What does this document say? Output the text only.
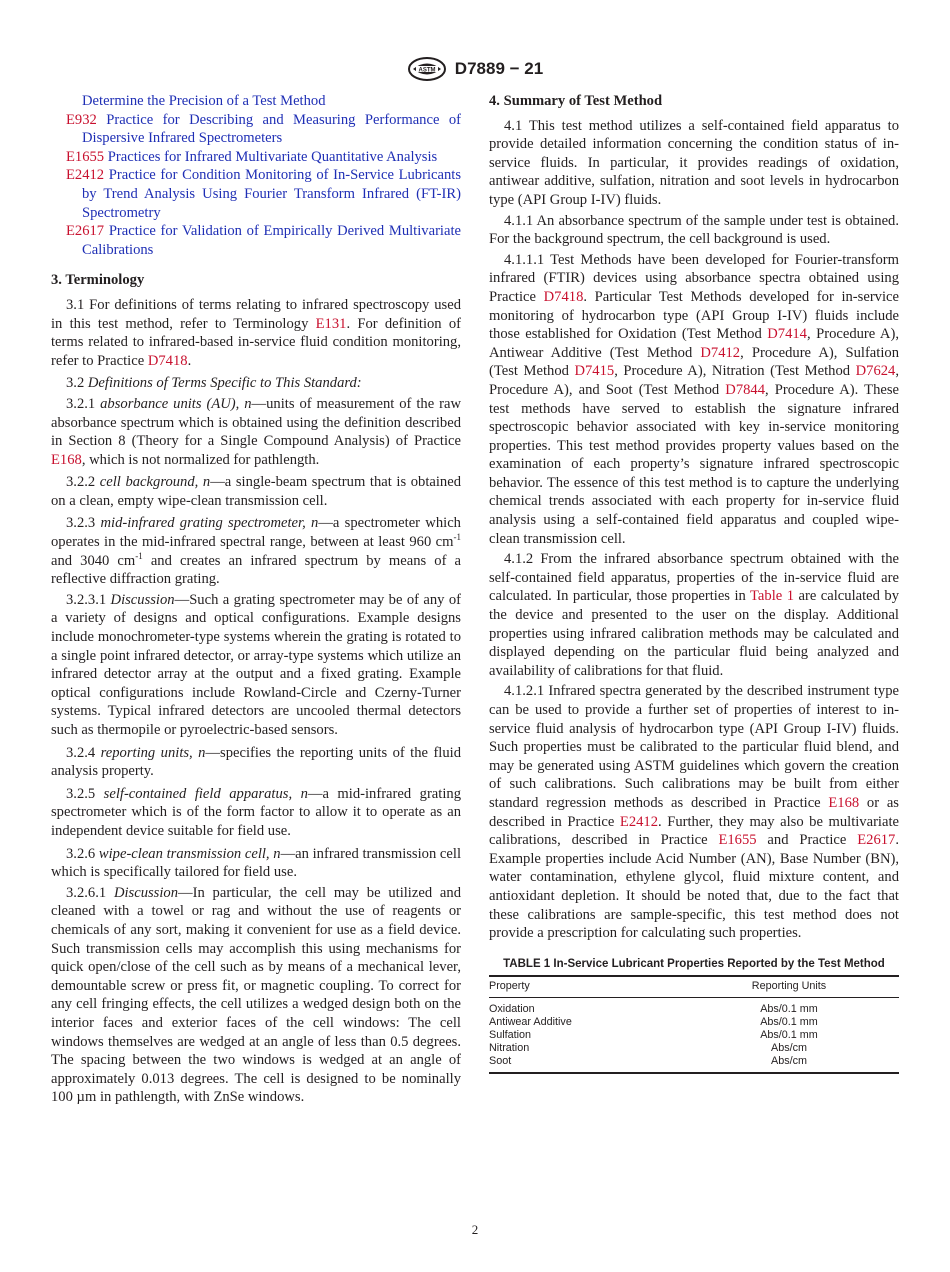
ASTM D7889 − 21

Determine the Precision of a Test Method

E932 Practice for Describing and Measuring Performance of Dispersive Infrared Spectrometers

E1655 Practices for Infrared Multivariate Quantitative Analysis

E2412 Practice for Condition Monitoring of In-Service Lubricants by Trend Analysis Using Fourier Transform Infrared (FT-IR) Spectrometry

E2617 Practice for Validation of Empirically Derived Multivariate Calibrations

3. Terminology

3.1 For definitions of terms relating to infrared spectroscopy used in this test method, refer to Terminology E131. For definition of terms related to infrared-based in-service fluid condition monitoring, refer to Practice D7418.

3.2 Definitions of Terms Specific to This Standard:

3.2.1 absorbance units (AU), n—units of measurement of the raw absorbance spectrum which is obtained using the definition described in Section 8 (Theory for a Single Compound Analysis) of Practice E168, which is not normalized for pathlength.

3.2.2 cell background, n—a single-beam spectrum that is obtained on a clean, empty wipe-clean transmission cell.

3.2.3 mid-infrared grating spectrometer, n—a spectrometer which operates in the mid-infrared spectral range, between at least 960 $cm^{-1}$ and 3040 $cm^{-1}$ and creates an infrared spectrum by means of a reflective diffraction grating.

3.2.3.1 Discussion—Such a grating spectrometer may be of any of a variety of designs and optical configurations. Example designs include monochrometer-type systems wherein the grating is rotated to a single point infrared detector, or array-type systems which utilize an infrared detector array at the output and a fixed grating. Example optical configurations include Rowland-Circle and Czerny-Turner systems. Typical infrared detectors are uncooled thermal detectors such as thermopile or pyroelectric-based sensors.

3.2.4 reporting units, n—specifies the reporting units of the fluid analysis property.

3.2.5 self-contained field apparatus, n—a mid-infrared grating spectrometer which is of the form factor to allow it to operate as an independent device suitable for field use.

3.2.6 wipe-clean transmission cell, n—an infrared transmission cell which is specifically tailored for field use.

3.2.6.1 Discussion—In particular, the cell may be utilized and cleaned with a towel or rag and without the use of reagents or chemicals of any sort, making it convenient for use as a field device. Such transmission cells may accomplish this using mechanisms for quick open/close of the cell such as by means of a mechanical lever, demountable screw or press fit, or magnetic coupling. To correct for any cell fringing effects, the cell utilizes a wedged design both on the interior faces and exterior faces of the cell windows: The cell windows themselves are wedged at an angle of less than 0.5 degrees. The spacing between the two windows is wedged at an angle of approximately 0.013 degrees. The cell is designed to be nominally 100 µm in pathlength, with ZnSe windows.

4. Summary of Test Method

4.1 This test method utilizes a self-contained field apparatus to provide detailed information concerning the condition status of in-service fluids. In particular, it provides readings of oxidation, antiwear additive, sulfation, nitration and soot levels in hydrocarbon type (API Group I-IV) fluids.

4.1.1 An absorbance spectrum of the sample under test is obtained. For the background spectrum, the cell background is used.

4.1.1.1 Test Methods have been developed for Fourier-transform infrared (FTIR) devices using absorbance spectra obtained using Practice D7418. Particular Test Methods developed for in-service monitoring of hydrocarbon type (API Group I-IV) fluids include those established for Oxidation (Test Method D7414, Procedure A), Antiwear Additive (Test Method D7412, Procedure A), Sulfation (Test Method D7415, Procedure A), Nitration (Test Method D7624, Procedure A), and Soot (Test Method D7844, Procedure A). These test methods have served to establish the signature infrared spectroscopic behavior associated with key in-service monitoring properties. This test method provides property values based on the examination of each property’s signature infrared spectroscopic behavior. The essence of this test method is to capture the underlying chemical trends associated with each property for in-service fluid analysis using a self-contained field apparatus and coupled wipe-clean transmission cell.

4.1.2 From the infrared absorbance spectrum obtained with the self-contained field apparatus, properties of the in-service fluid are calculated. In particular, those properties in Table 1 are calculated by the device and presented to the user on the display. Additional properties using infrared calibration methods may be calculated and displayed depending on the particular fluid being analyzed and availability of calibrations for that fluid.

4.1.2.1 Infrared spectra generated by the described instrument type can be used to provide a further set of properties of interest to in-service fluid analysis of hydrocarbon type (API Group I-IV) fluids. Such properties must be calibrated to the particular fluid blend, and may be generated using ASTM guidelines which govern the creation of such calibrations. Such calibrations may be built from either standard regression methods as described in Practice E168 or as described in Practice E2412. Further, they may also be multivariate calibrations, described in Practice E1655 and Practice E2617. Example properties include Acid Number (AN), Base Number (BN), water contamination, ethylene glycol, fluid mixture content, and antioxidant depletion. It should be noted that, due to the fact that these calibrations are sample-specific, this test method does not provide a prescription for calculating such properties.

TABLE 1 In-Service Lubricant Properties Reported by the Test Method
Property	Reporting Units
Oxidation	Abs/0.1 mm
Antiwear Additive	Abs/0.1 mm
Sulfation	Abs/0.1 mm
Nitration	Abs/cm
Soot	Abs/cm
2
